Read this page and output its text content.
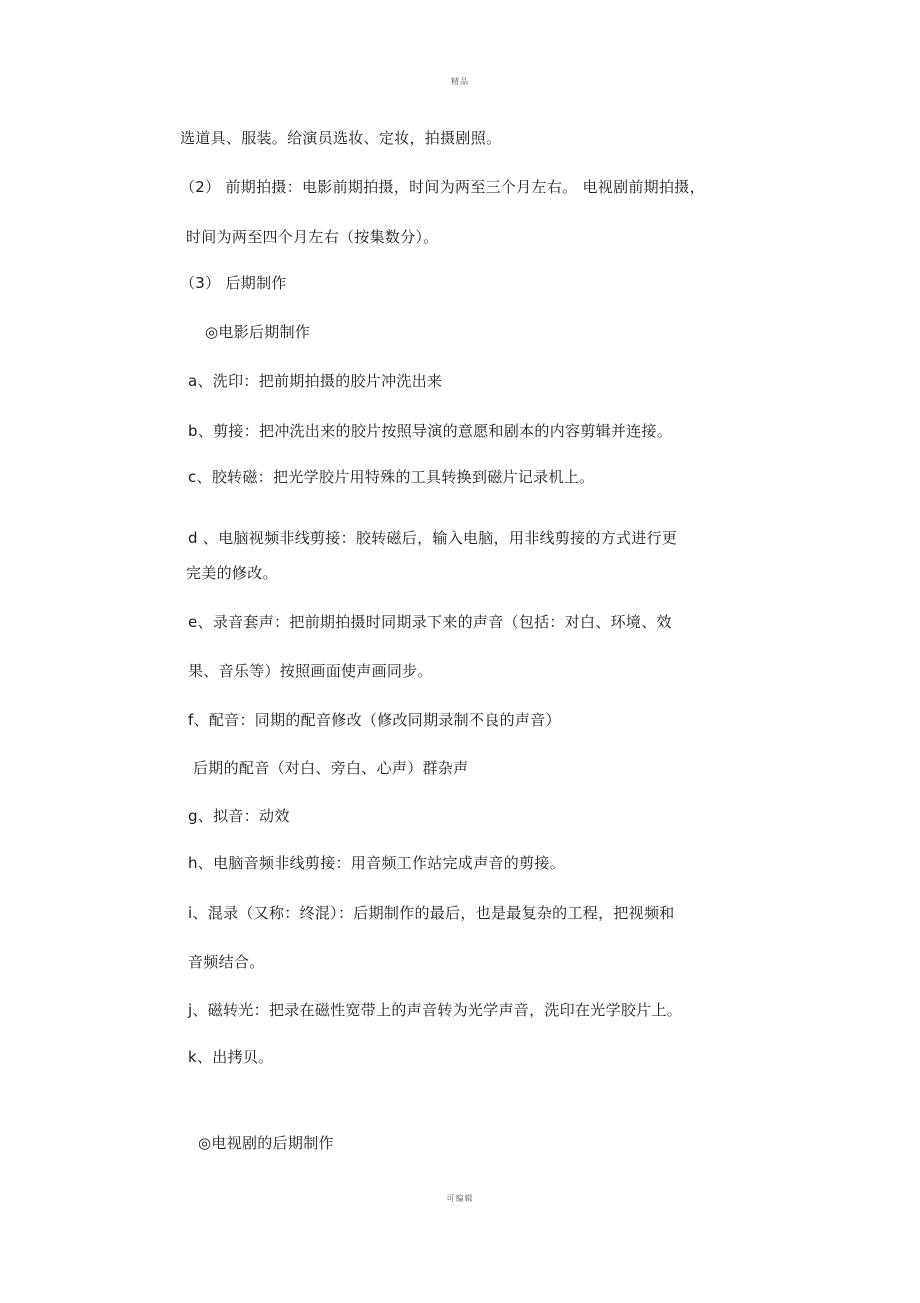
精品
选道具、服装。给演员选妆、定妆，拍摄剧照。
（2） 前期拍摄：电影前期拍摄，时间为两至三个月左右。 电视剧前期拍摄，
时间为两至四个月左右（按集数分）。
（3） 后期制作
◎电影后期制作
a、洗印：把前期拍摄的胶片冲洗出来
b、剪接：把冲洗出来的胶片按照导演的意愿和剧本的内容剪辑并连接。
c、胶转磁：把光学胶片用特殊的工具转换到磁片记录机上。
d 、电脑视频非线剪接：胶转磁后，输入电脑，用非线剪接的方式进行更
完美的修改。
e、录音套声：把前期拍摄时同期录下来的声音（包括：对白、环境、效
果、音乐等）按照画面使声画同步。
f、配音：同期的配音修改（修改同期录制不良的声音）
后期的配音（对白、旁白、心声）群杂声
g、拟音：动效
h、电脑音频非线剪接：用音频工作站完成声音的剪接。
i、混录（又称：终混）：后期制作的最后，也是最复杂的工程，把视频和
音频结合。
j、磁转光：把录在磁性宽带上的声音转为光学声音，洗印在光学胶片上。
k、出拷贝。
◎电视剧的后期制作
可编辑
